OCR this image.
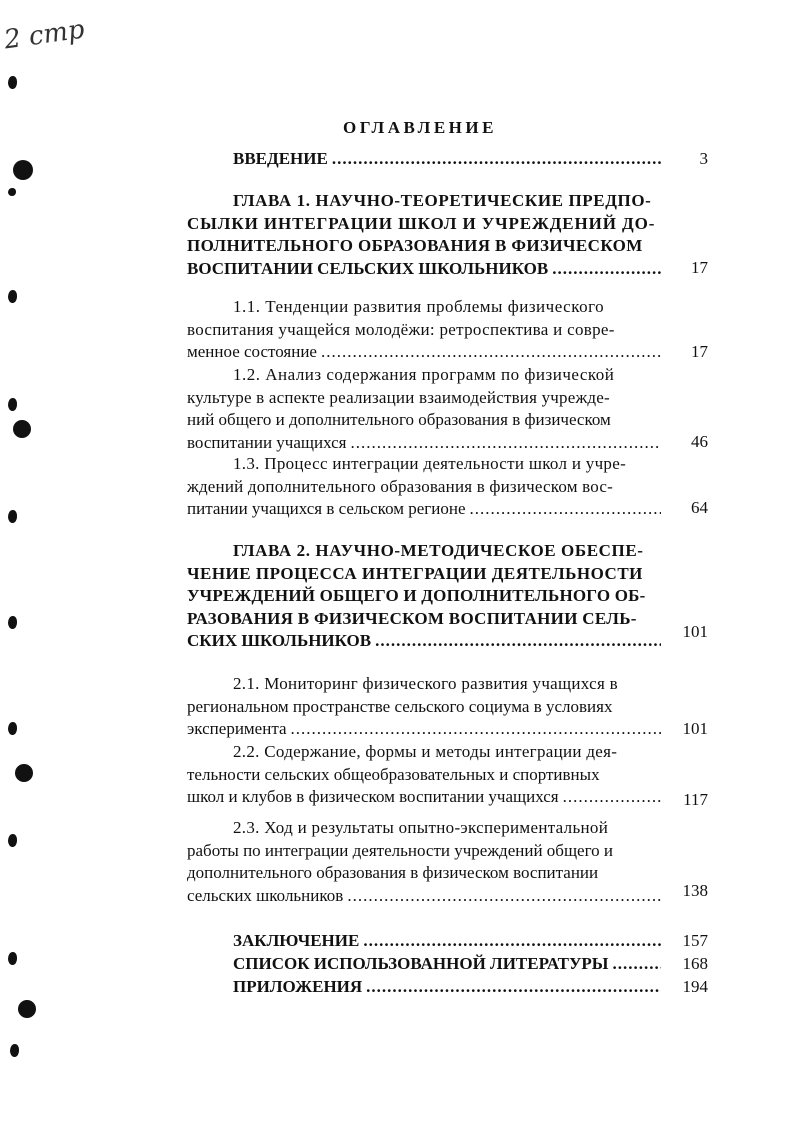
2 стр
ОГЛАВЛЕНИЕ
ВВЕДЕНИЕ .....	3
ГЛАВА 1. НАУЧНО-ТЕОРЕТИЧЕСКИЕ ПРЕДПО-
СЫЛКИ ИНТЕГРАЦИИ ШКОЛ И УЧРЕЖДЕНИЙ ДО-
ПОЛНИТЕЛЬНОГО ОБРАЗОВАНИЯ В ФИЗИЧЕСКОМ
ВОСПИТАНИИ СЕЛЬСКИХ ШКОЛЬНИКОВ .....	17
1.1. Тенденции развития проблемы физического
воспитания учащейся молодёжи: ретроспектива и совре-
менное состояние .....	17
1.2. Анализ содержания программ по физической
культуре в аспекте реализации взаимодействия учрежде-
ний общего и дополнительного образования в физическом
воспитании учащихся .....	46
1.3. Процесс интеграции деятельности школ и учре-
ждений дополнительного образования в физическом вос-
питании учащихся в сельском регионе .....	64
ГЛАВА 2. НАУЧНО-МЕТОДИЧЕСКОЕ ОБЕСПЕ-
ЧЕНИЕ ПРОЦЕССА ИНТЕГРАЦИИ ДЕЯТЕЛЬНОСТИ
УЧРЕЖДЕНИЙ ОБЩЕГО И ДОПОЛНИТЕЛЬНОГО ОБ-
РАЗОВАНИЯ В ФИЗИЧЕСКОМ ВОСПИТАНИИ СЕЛЬ-
СКИХ ШКОЛЬНИКОВ .....	101
2.1. Мониторинг физического развития учащихся в
региональном пространстве сельского социума в условиях
эксперимента .....	101
2.2. Содержание, формы и методы интеграции дея-
тельности сельских общеобразовательных и спортивных
школ и клубов в физическом воспитании учащихся .....	117
2.3. Ход и результаты опытно-экспериментальной
работы по интеграции деятельности учреждений общего и
дополнительного образования в физическом воспитании
сельских школьников .....	138
ЗАКЛЮЧЕНИЕ .....	157
СПИСОК ИСПОЛЬЗОВАННОЙ ЛИТЕРАТУРЫ .....	168
ПРИЛОЖЕНИЯ .....	194
